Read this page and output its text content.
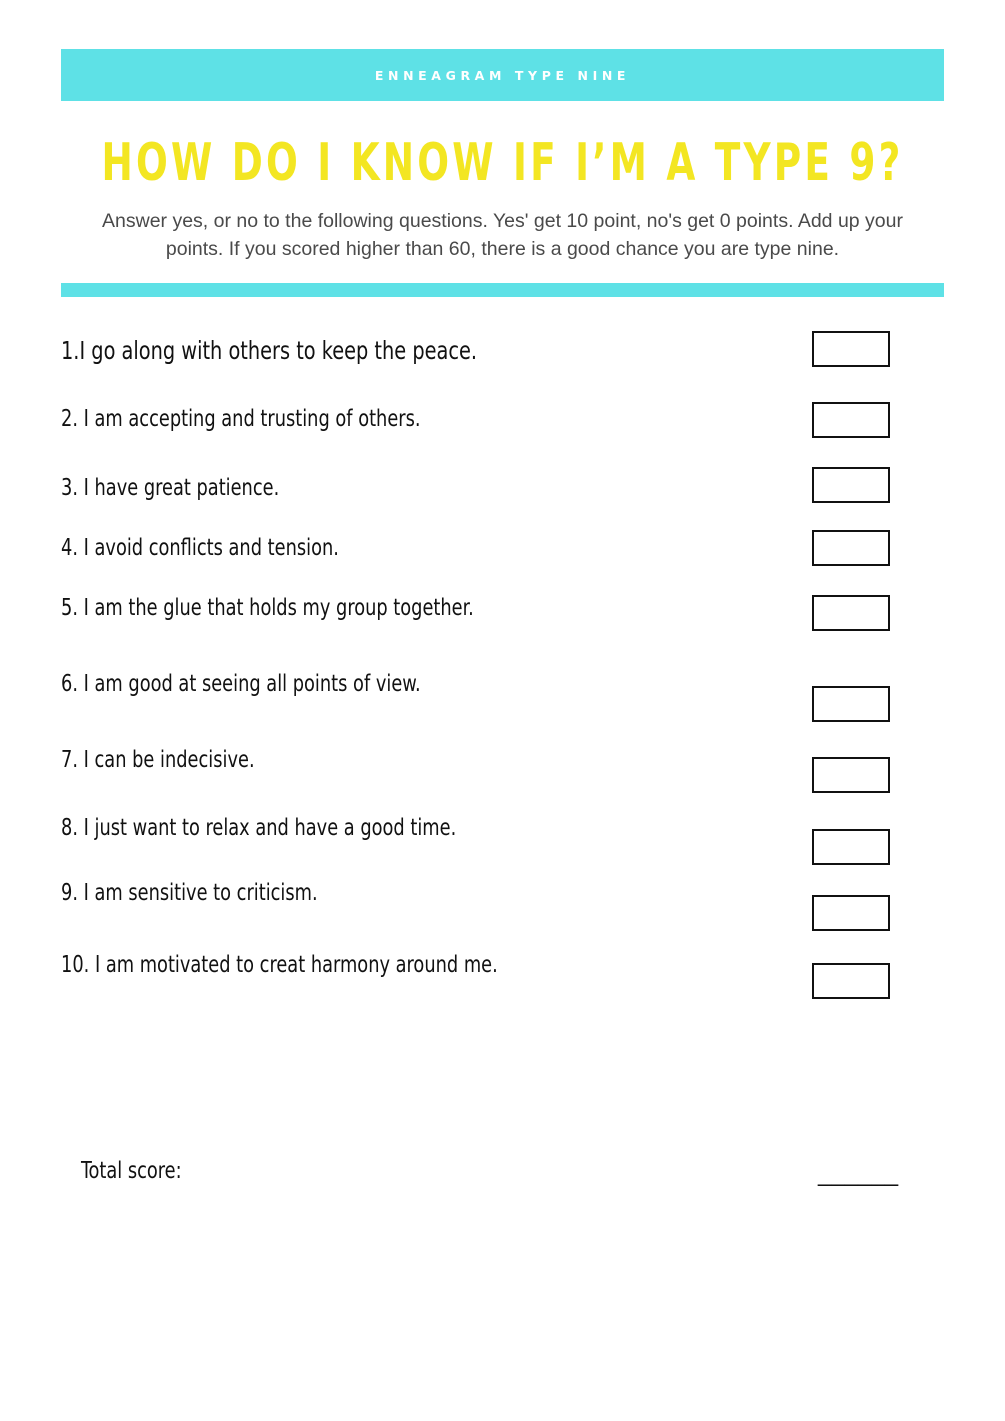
ENNEAGRAM TYPE NINE
HOW DO I KNOW IF I’M A TYPE 9?
Answer yes, or no to the following questions. Yes' get 10 point, no's get 0 points. Add up your points. If you scored higher than 60, there is a good chance you are type nine.
1.I go along with others to keep the peace.
2. I am accepting and trusting of others.
3. I have great patience.
4. I avoid conflicts and tension.
5. I am the glue that holds my group together.
6. I am good at seeing all points of view.
7. I can be indecisive.
8. I just want to relax and have a good time.
9. I am sensitive to criticism.
10. I am motivated to creat harmony around me.
Total score:	______
